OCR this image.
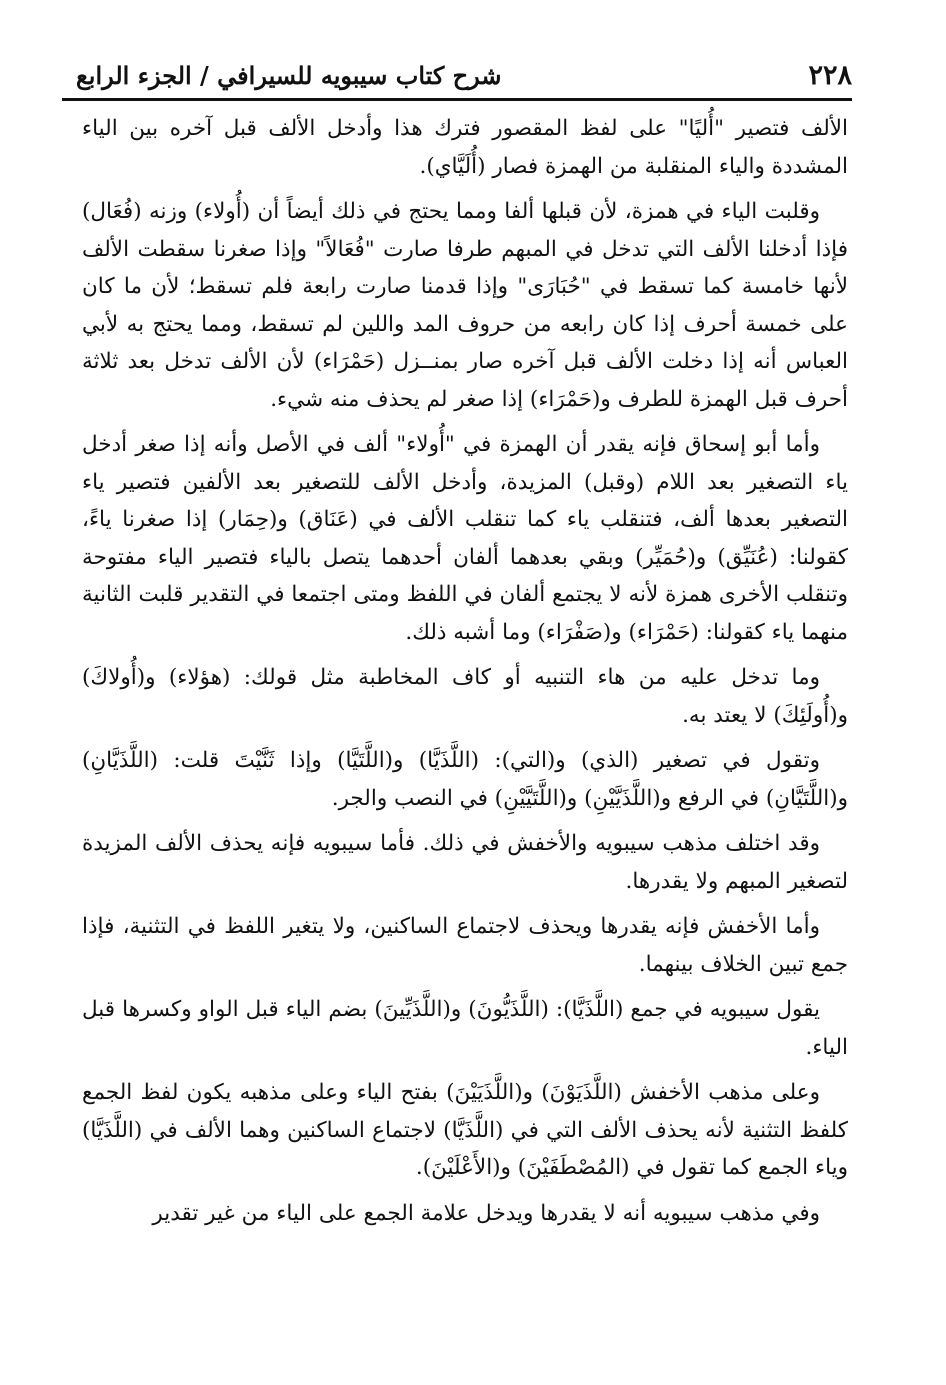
٢٢٨
شرح كتاب سيبويه للسيرافي / الجزء الرابع

الألف فتصير "أُليًا" على لفظ المقصور فترك هذا وأدخل الألف قبل آخره بين الياء المشددة والياء المنقلبة من الهمزة فصار (أُلَيَّاي).

وقلبت الياء في همزة، لأن قبلها ألفا ومما يحتج في ذلك أيضاً أن (أُولاء) وزنه (فُعَال) فإذا أدخلنا الألف التي تدخل في المبهم طرفا صارت "فُعَالاً" وإذا صغرنا سقطت الألف لأنها خامسة كما تسقط في "حُبَارَى" وإذا قدمنا صارت رابعة فلم تسقط؛ لأن ما كان على خمسة أحرف إذا كان رابعه من حروف المد واللين لم تسقط، ومما يحتج به لأبي العباس أنه إذا دخلت الألف قبل آخره صار بمنــزل (حَمْرَاء) لأن الألف تدخل بعد ثلاثة أحرف قبل الهمزة للطرف و(حَمْرَاء) إذا صغر لم يحذف منه شيء.

وأما أبو إسحاق فإنه يقدر أن الهمزة في "أُولاء" ألف في الأصل وأنه إذا صغر أدخل ياء التصغير بعد اللام (وقبل) المزيدة، وأدخل الألف للتصغير بعد الألفين فتصير ياء التصغير بعدها ألف، فتنقلب ياء كما تنقلب الألف في (عَنَاق) و(حِمَار) إذا صغرنا ياءً، كقولنا: (عُنَيِّق) و(حُمَيِّر) وبقي بعدهما ألفان أحدهما يتصل بالياء فتصير الياء مفتوحة وتنقلب الأخرى همزة لأنه لا يجتمع ألفان في اللفظ ومتى اجتمعا في التقدير قلبت الثانية منهما ياء كقولنا: (حَمْرَاء) و(صَفْرَاء) وما أشبه ذلك.

وما تدخل عليه من هاء التنبيه أو كاف المخاطبة مثل قولك: (هؤلاء) و(أُولاكَ) و(أُولَئِكَ) لا يعتد به.

وتقول في تصغير (الذي) و(التي): (اللَّذَيَّا) و(اللَّتَيَّا) وإذا ثَنَّيْتَ قلت: (اللَّذَيَّانِ) و(اللَّتَيَّانِ) في الرفع و(اللَّذَيَّيْنِ) و(اللَّتَيَّيْنِ) في النصب والجر.

وقد اختلف مذهب سيبويه والأخفش في ذلك. فأما سيبويه فإنه يحذف الألف المزيدة لتصغير المبهم ولا يقدرها.

وأما الأخفش فإنه يقدرها ويحذف لاجتماع الساكنين، ولا يتغير اللفظ في التثنية، فإذا جمع تبين الخلاف بينهما.

يقول سيبويه في جمع (اللَّذَيَّا): (اللَّذَيُّونَ) و(اللَّذَيِّينَ) بضم الياء قبل الواو وكسرها قبل الياء.

وعلى مذهب الأخفش (اللَّذَيَوْنَ) و(اللَّذَيَيْنَ) بفتح الياء وعلى مذهبه يكون لفظ الجمع كلفظ التثنية لأنه يحذف الألف التي في (اللَّذَيَّا) لاجتماع الساكنين وهما الألف في (اللَّذَيَّا) وياء الجمع كما تقول في (المُصْطَفَيْنَ) و(الأَعْلَيْنَ).

وفي مذهب سيبويه أنه لا يقدرها ويدخل علامة الجمع على الياء من غير تقدير
